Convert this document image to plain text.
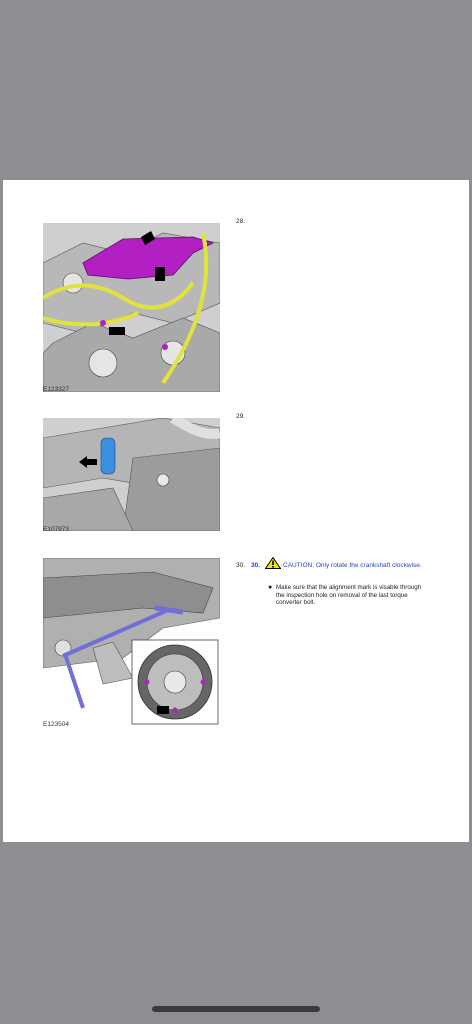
E123327
28.
E107973
29.
E123504
30. 30.	CAUTION: Only rotate the crankshaft clockwise.
● Make sure that the alignment mark is visable through the inspection hole on removal of the last torque converter bolt.
